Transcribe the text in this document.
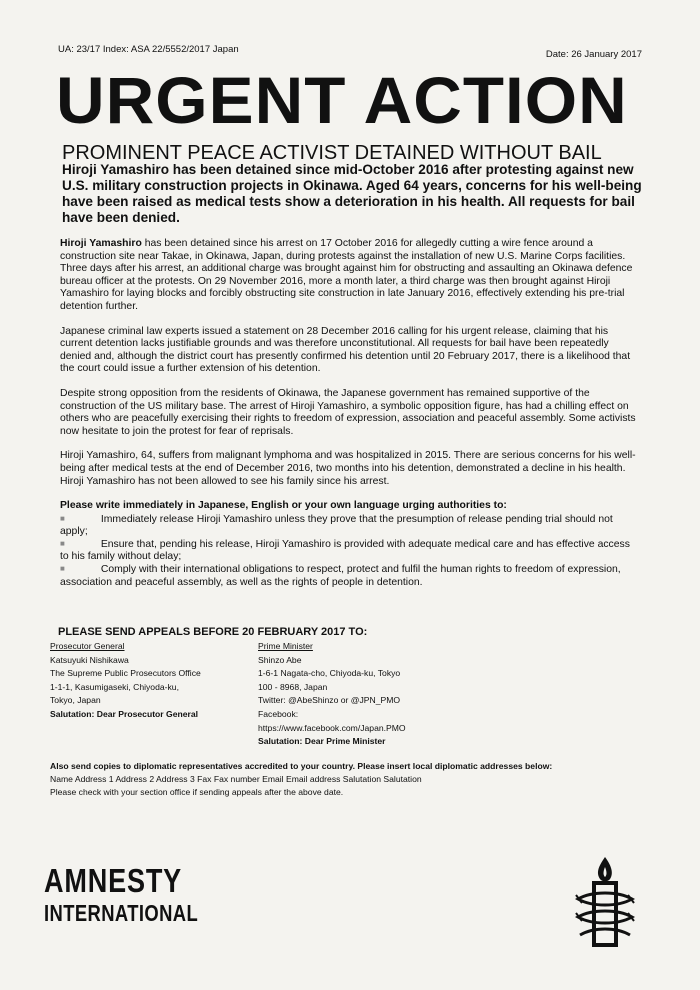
UA: 23/17 Index: ASA 22/5552/2017 Japan	Date: 26 January 2017
URGENT ACTION
PROMINENT PEACE ACTIVIST DETAINED WITHOUT BAIL
Hiroji Yamashiro has been detained since mid-October 2016 after protesting against new U.S. military construction projects in Okinawa. Aged 64 years, concerns for his well-being have been raised as medical tests show a deterioration in his health. All requests for bail have been denied.

Hiroji Yamashiro has been detained since his arrest on 17 October 2016 for allegedly cutting a wire fence around a construction site near Takae, in Okinawa, Japan, during protests against the installation of new U.S. Marine Corps facilities. Three days after his arrest, an additional charge was brought against him for obstructing and assaulting an Okinawa defence bureau officer at the protests. On 29 November 2016, more a month later, a third charge was then brought against Hiroji Yamashiro for laying blocks and forcibly obstructing site construction in late January 2016, effectively extending his pre-trial detention further.

Japanese criminal law experts issued a statement on 28 December 2016 calling for his urgent release, claiming that his current detention lacks justifiable grounds and was therefore unconstitutional. All requests for bail have been repeatedly denied and, although the district court has presently confirmed his detention until 20 February 2017, there is a likelihood that the court could issue a further extension of his detention.

Despite strong opposition from the residents of Okinawa, the Japanese government has remained supportive of the construction of the US military base. The arrest of Hiroji Yamashiro, a symbolic opposition figure, has had a chilling effect on others who are peacefully exercising their rights to freedom of expression, association and peaceful assembly. Some activists now hesitate to join the protest for fear of reprisals.

Hiroji Yamashiro, 64, suffers from malignant lymphoma and was hospitalized in 2015. There are serious concerns for his well-being after medical tests at the end of December 2016, two months into his detention, demonstrated a decline in his health. Hiroji Yamashiro has not been allowed to see his family since his arrest.

Please write immediately in Japanese, English or your own language urging authorities to:
■	Immediately release Hiroji Yamashiro unless they prove that the presumption of release pending trial should not apply;
■	Ensure that, pending his release, Hiroji Yamashiro is provided with adequate medical care and has effective access to his family without delay;
■	Comply with their international obligations to respect, protect and fulfil the human rights to freedom of expression, association and peaceful assembly, as well as the rights of people in detention.
PLEASE SEND APPEALS BEFORE 20 FEBRUARY 2017 TO:
Prosecutor General
Katsuyuki Nishikawa
The Supreme Public Prosecutors Office
1-1-1, Kasumigaseki, Chiyoda-ku,
Tokyo, Japan
Salutation: Dear Prosecutor General
Prime Minister
Shinzo Abe
1-6-1 Nagata-cho, Chiyoda-ku, Tokyo
100 - 8968, Japan
Twitter: @AbeShinzo or @JPN_PMO
Facebook:
https://www.facebook.com/Japan.PMO
Salutation: Dear Prime Minister
Also send copies to diplomatic representatives accredited to your country. Please insert local diplomatic addresses below:
Name Address 1 Address 2 Address 3 Fax Fax number Email Email address Salutation Salutation
Please check with your section office if sending appeals after the above date.
AMNESTY
INTERNATIONAL
